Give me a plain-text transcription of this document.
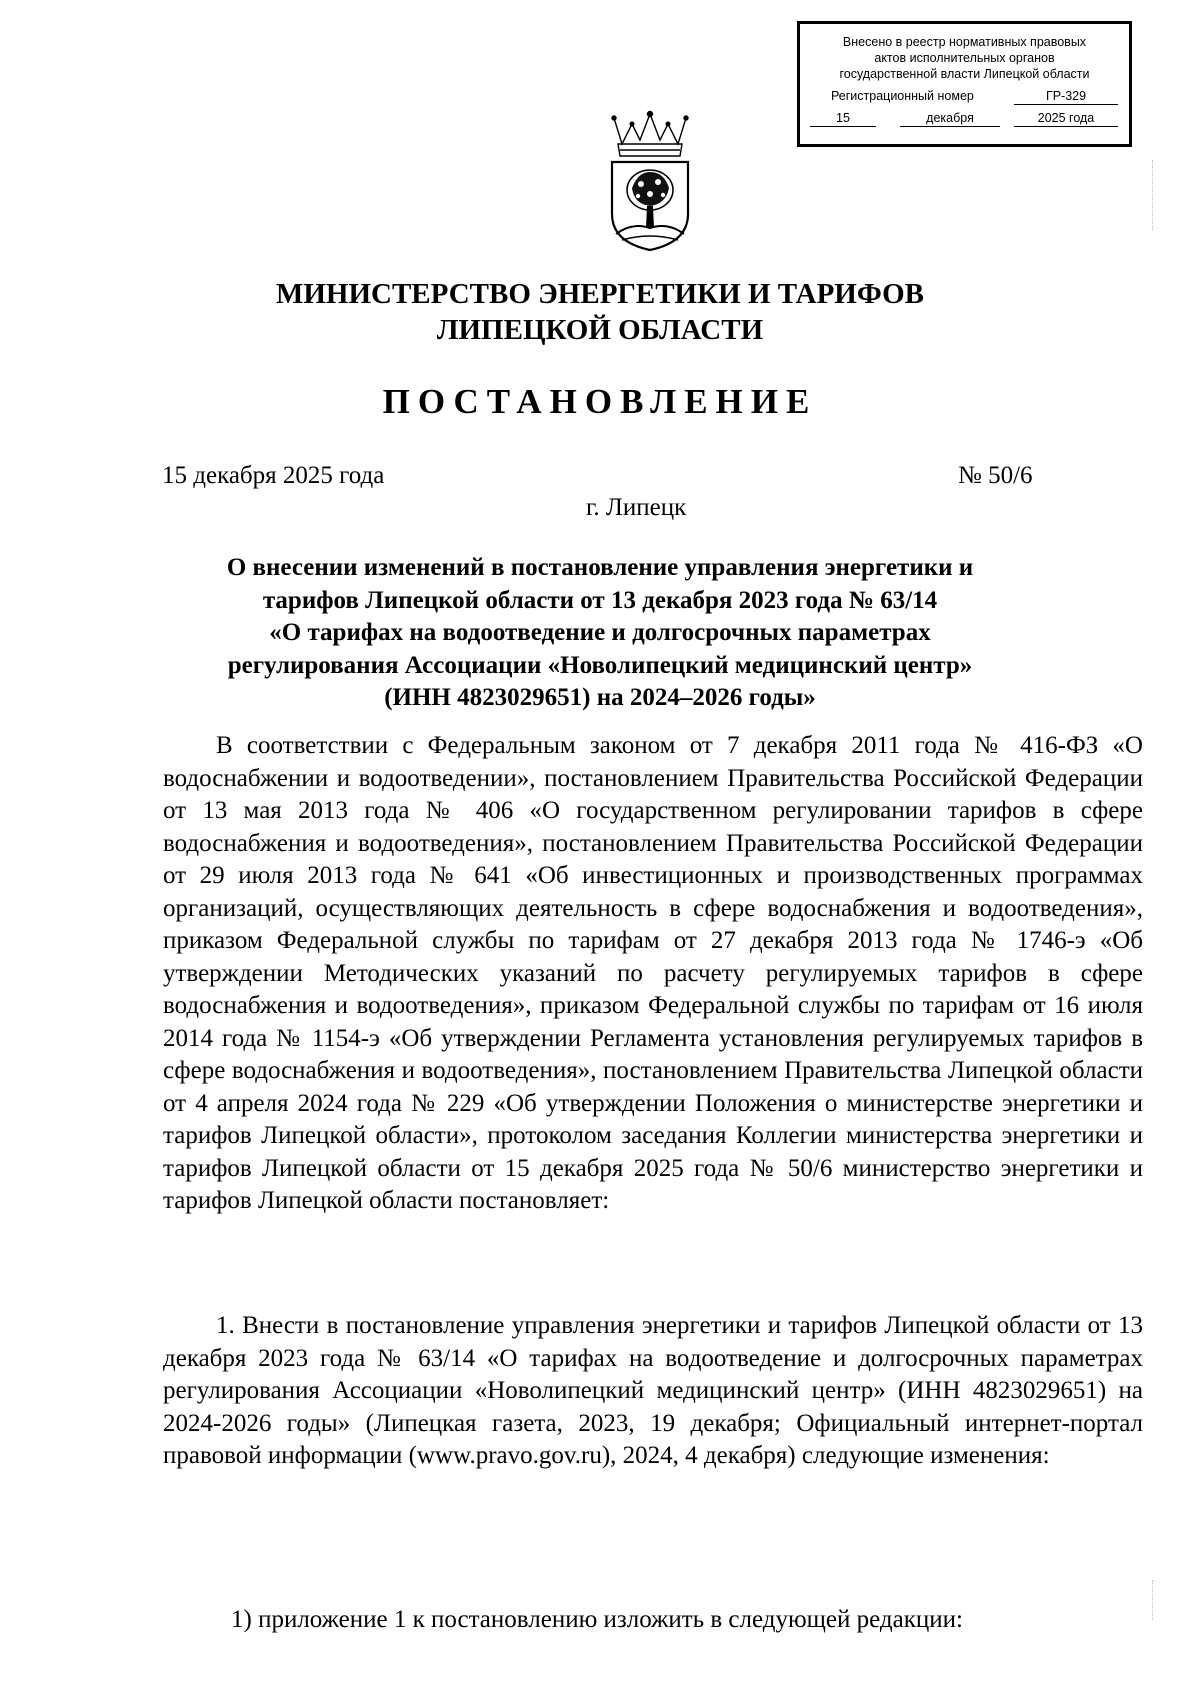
Внесено в реестр нормативных правовых
актов исполнительных органов
государственной власти Липецкой области
Регистрационный номер	ГР-329
15	декабря	2025 года
МИНИСТЕРСТВО ЭНЕРГЕТИКИ И ТАРИФОВ
ЛИПЕЦКОЙ ОБЛАСТИ
ПОСТАНОВЛЕНИЕ
15 декабря 2025 года	№ 50/6
г. Липецк
О внесении изменений в постановление управления энергетики и
тарифов Липецкой области от 13 декабря 2023 года № 63/14
«О тарифах на водоотведение и долгосрочных параметрах
регулирования Ассоциации «Новолипецкий медицинский центр»
(ИНН 4823029651) на 2024–2026 годы»
В соответствии с Федеральным законом от 7 декабря 2011 года № 416-ФЗ «О водоснабжении и водоотведении», постановлением Правительства Российской Федерации от 13 мая 2013 года № 406 «О государственном регулировании тарифов в сфере водоснабжения и водоотведения», постановлением Правительства Российской Федерации от 29 июля 2013 года № 641 «Об инвестиционных и производственных программах организаций, осуществляющих деятельность в сфере водоснабжения и водоотведения», приказом Федеральной службы по тарифам от 27 декабря 2013 года № 1746-э «Об утверждении Методических указаний по расчету регулируемых тарифов в сфере водоснабжения и водоотведения», приказом Федеральной службы по тарифам от 16 июля 2014 года № 1154-э «Об утверждении Регламента установления регулируемых тарифов в сфере водоснабжения и водоотведения», постановлением Правительства Липецкой области от 4 апреля 2024 года № 229 «Об утверждении Положения о министерстве энергетики и тарифов Липецкой области», протоколом заседания Коллегии министерства энергетики и тарифов Липецкой области от 15 декабря 2025 года № 50/6 министерство энергетики и тарифов Липецкой области постановляет:
1. Внести в постановление управления энергетики и тарифов Липецкой области от 13 декабря 2023 года № 63/14 «О тарифах на водоотведение и долгосрочных параметрах регулирования Ассоциации «Новолипецкий медицинский центр» (ИНН 4823029651) на 2024-2026 годы» (Липецкая газета, 2023, 19 декабря; Официальный интернет-портал правовой информации (www.pravo.gov.ru), 2024, 4 декабря) следующие изменения:
1) приложение 1 к постановлению изложить в следующей редакции:
